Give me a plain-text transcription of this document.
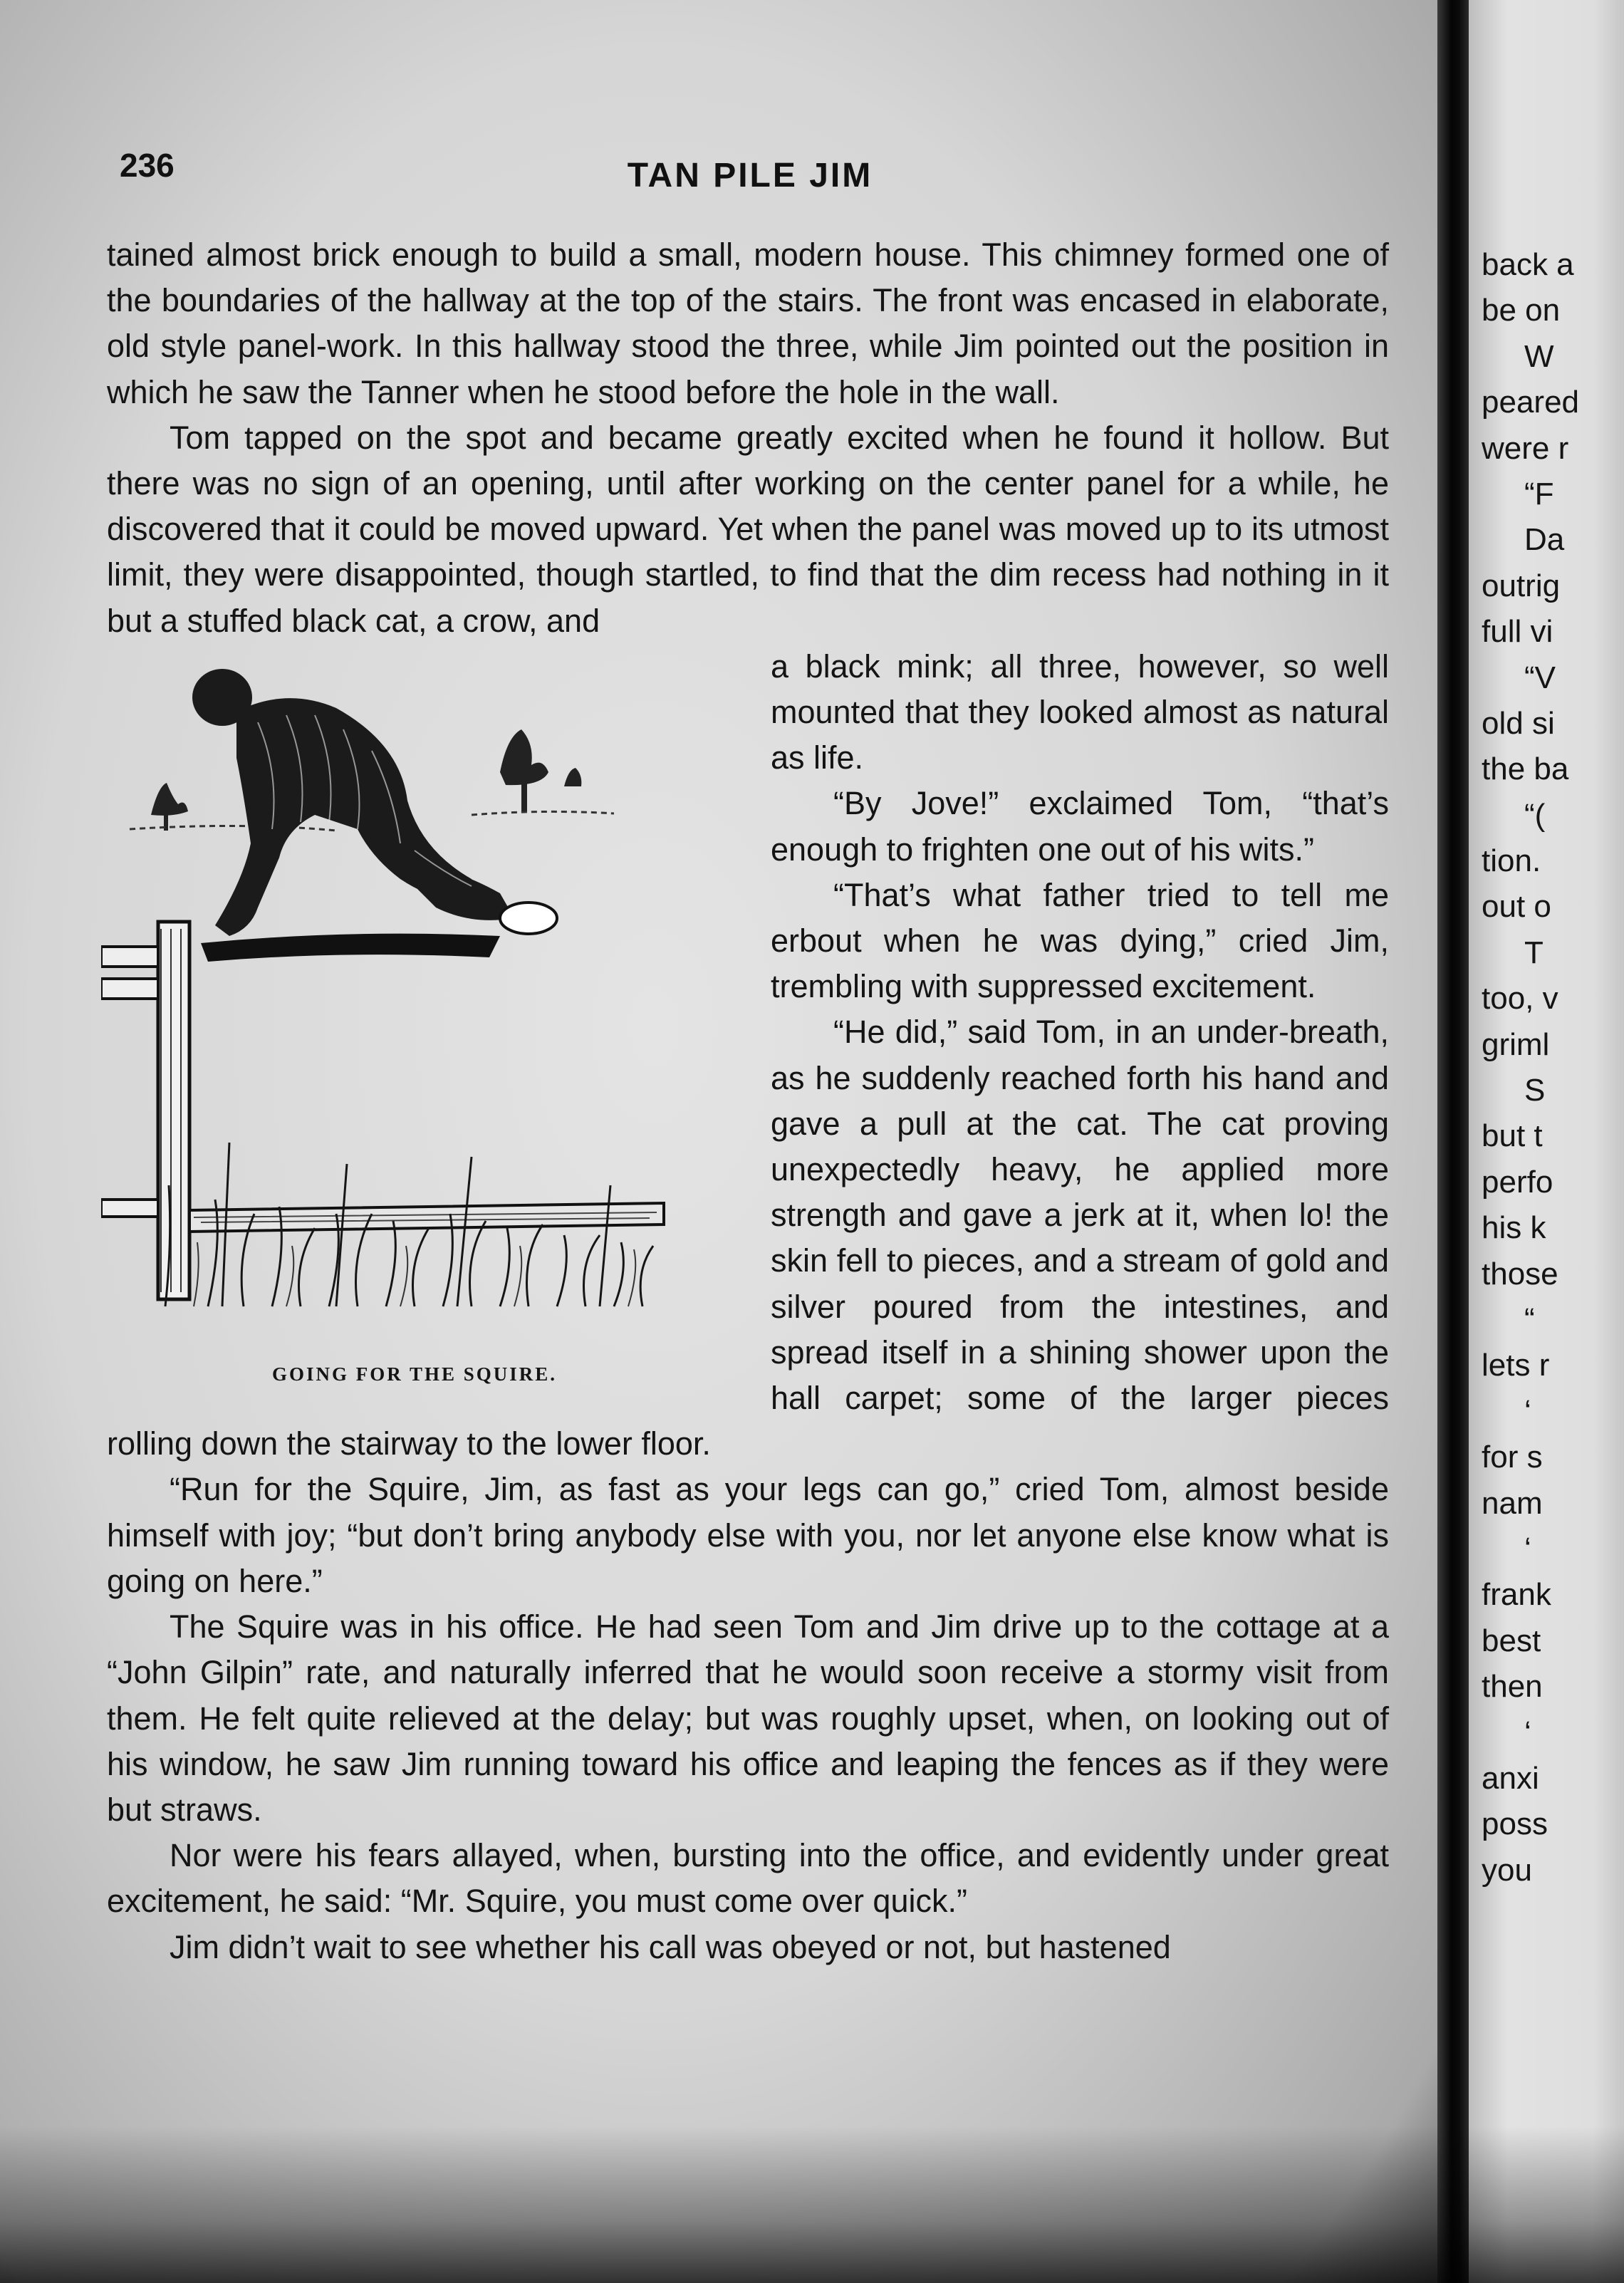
236	TAN PILE JIM

tained almost brick enough to build a small, modern house. This chimney formed one of the boundaries of the hallway at the top of the stairs. The front was encased in elaborate, old style panel-work. In this hallway stood the three, while Jim pointed out the position in which he saw the Tanner when he stood before the hole in the wall.

Tom tapped on the spot and became greatly excited when he found it hollow. But there was no sign of an opening, until after working on the center panel for a while, he discovered that it could be moved upward. Yet when the panel was moved up to its utmost limit, they were disappointed, though startled, to find that the dim recess had nothing in it but a stuffed black cat, a crow, and

GOING FOR THE SQUIRE.

a black mink; all three, however, so well mounted that they looked almost as natural as life.

“By Jove!” exclaimed Tom, “that’s enough to frighten one out of his wits.”

“That’s what father tried to tell me erbout when he was dying,” cried Jim, trembling with suppressed excitement.

“He did,” said Tom, in an under-breath, as he suddenly reached forth his hand and gave a pull at the cat. The cat proving unexpectedly heavy, he applied more strength and gave a jerk at it, when lo! the skin fell to pieces, and a stream of gold and silver poured from the intestines, and spread itself in a shining shower upon the hall carpet; some of the larger pieces rolling down the stairway to the lower floor.

“Run for the Squire, Jim, as fast as your legs can go,” cried Tom, almost beside himself with joy; “but don’t bring anybody else with you, nor let anyone else know what is going on here.”

The Squire was in his office. He had seen Tom and Jim drive up to the cottage at a “John Gilpin” rate, and naturally inferred that he would soon receive a stormy visit from them. He felt quite relieved at the delay; but was roughly upset, when, on looking out of his window, he saw Jim running toward his office and leaping the fences as if they were but straws.

Nor were his fears allayed, when, bursting into the office, and evidently under great excitement, he said: “Mr. Squire, you must come over quick.”

Jim didn’t wait to see whether his call was obeyed or not, but hastened

back a
be on
W
peared
were r
“F
Da
outrig
full vi
“V
old si
the ba
“(
tion.
out o
T
too, v
griml
S
but t
perfo
his k
those
“
lets r
‘
for s
nam
‘
frank
best
then
‘
anxi
poss
you
